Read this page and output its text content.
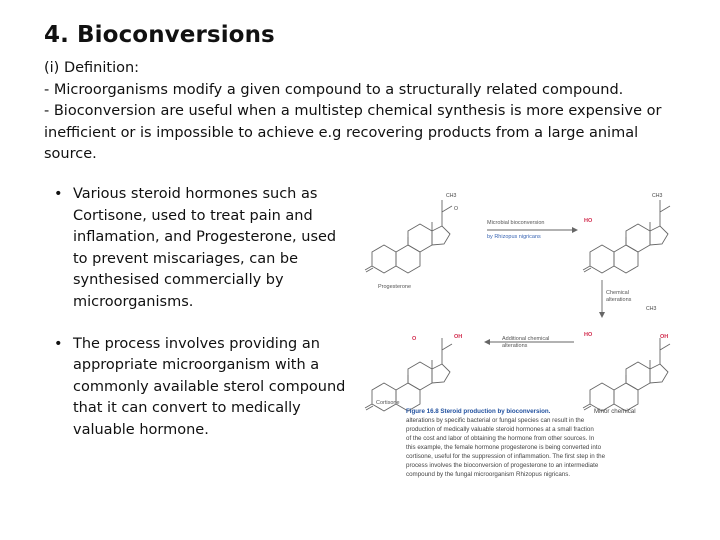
4. Bioconversions

(i) Definition:

- Microorganisms modify a given compound to a structurally related compound.

- Bioconversion are useful when a multistep chemical synthesis is more expensive or inefficient or is impossible to achieve e.g recovering products from a large animal source.

• Various steroid hormones such as Cortisone, used to treat pain and inflamation, and Progesterone, used to prevent miscariages, can be synthesised commercially by microorganisms.
• The process involves providing an appropriate microorganism with a commonly available sterol compound that it can convert to medically valuable hormone.
CH3
O
Progesterone
Microbial bioconversion
by Rhizopus nigricans
CH3
HO
Chemical
alterations
CH3
HO	OH
Additional chemical
alterations
O	OH
Cortisone
Figure 16.8 Steroid production by bioconversion.	Minor chemical
alterations by specific bacterial or fungal species can result in the
production of medically valuable steroid hormones at a small fraction
of the cost and labor of obtaining the hormone from other sources. In
this example, the female hormone progesterone is being converted into
cortisone, useful for the suppression of inflammation. The first step in the
process involves the bioconversion of progesterone to an intermediate
compound by the fungal microorganism Rhizopus nigricans.
